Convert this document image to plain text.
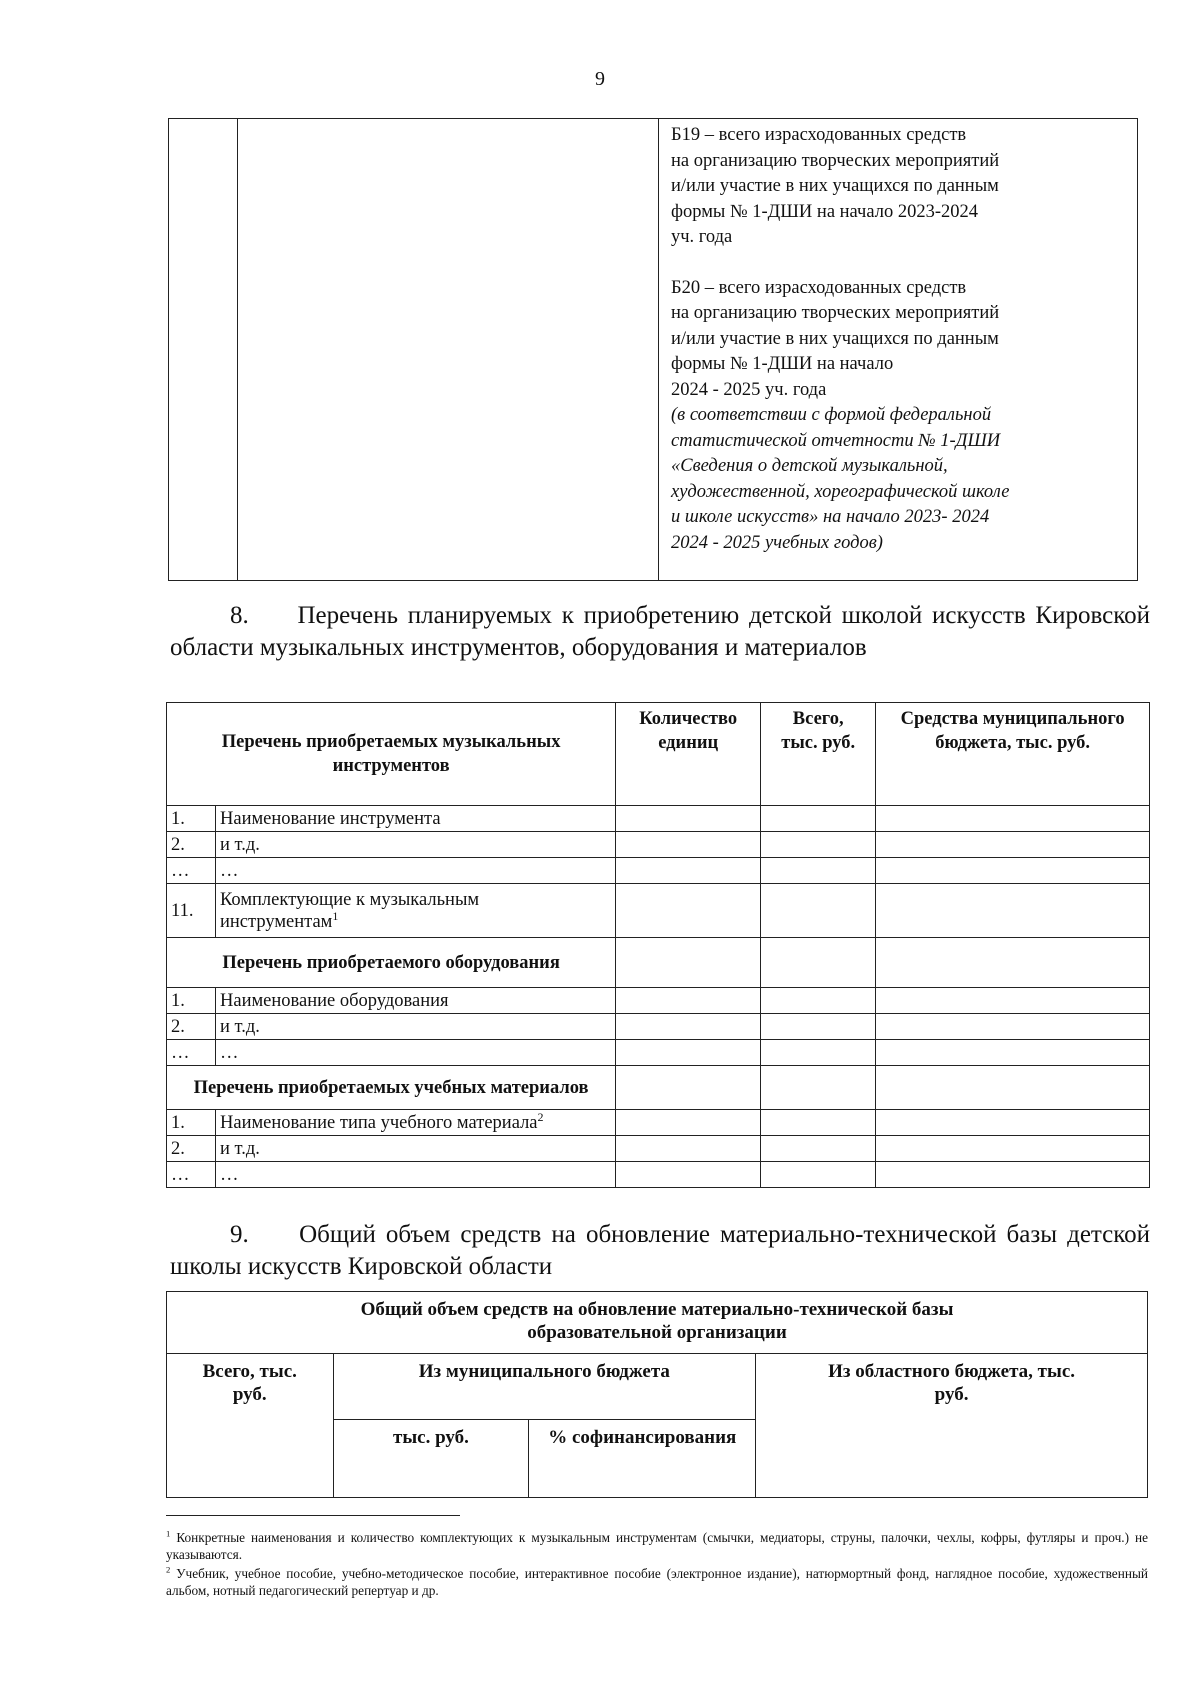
9

Б19 – всего израсходованных средств
на организацию творческих мероприятий
и/или участие в них учащихся по данным
формы № 1-ДШИ на начало 2023-2024
уч. года
Б20 – всего израсходованных средств
на организацию творческих мероприятий
и/или участие в них учащихся по данным
формы № 1-ДШИ на начало
2024 - 2025 уч. года
(в соответствии с формой федеральной
статистической отчетности № 1-ДШИ
«Сведения о детской музыкальной,
художественной, хореографической школе
и школе искусств» на начало 2023- 2024
2024 - 2025 учебных годов)
8. Перечень планируемых к приобретению детской школой искусств Кировской области музыкальных инструментов, оборудования и материалов
Перечень приобретаемых музыкальных инструментов		Количество единиц	Всего, тыс. руб.	Средства муниципального бюджета, тыс. руб.

1.	Наименование инструмента			
2.	и т.д.			
…	…			
11.	Комплектующие к музыкальным инструментам$^1$

Перечень приобретаемого оборудования				
1.	Наименование оборудования			
2.	и т.д.			
…	…			
Перечень приобретаемых учебных материалов				
1.	Наименование типа учебного материала$^2$			
2.	и т.д.			
…	…			
9. Общий объем средств на обновление материально-технической базы детской школы искусств Кировской области
Общий объем средств на обновление материально-технической базы образовательной организации			

Всего, тыс. руб.	Из муниципального бюджета		Из областного бюджета, тыс. руб.

	тыс. руб.	% софинансирования	
$^1$ Конкретные наименования и количество комплектующих к музыкальным инструментам (смычки, медиаторы, струны, палочки, чехлы, кофры, футляры и проч.) не указываются.
$^2$ Учебник, учебное пособие, учебно-методическое пособие, интерактивное пособие (электронное издание), натюрмортный фонд, наглядное пособие, художественный альбом, нотный педагогический репертуар и др.
